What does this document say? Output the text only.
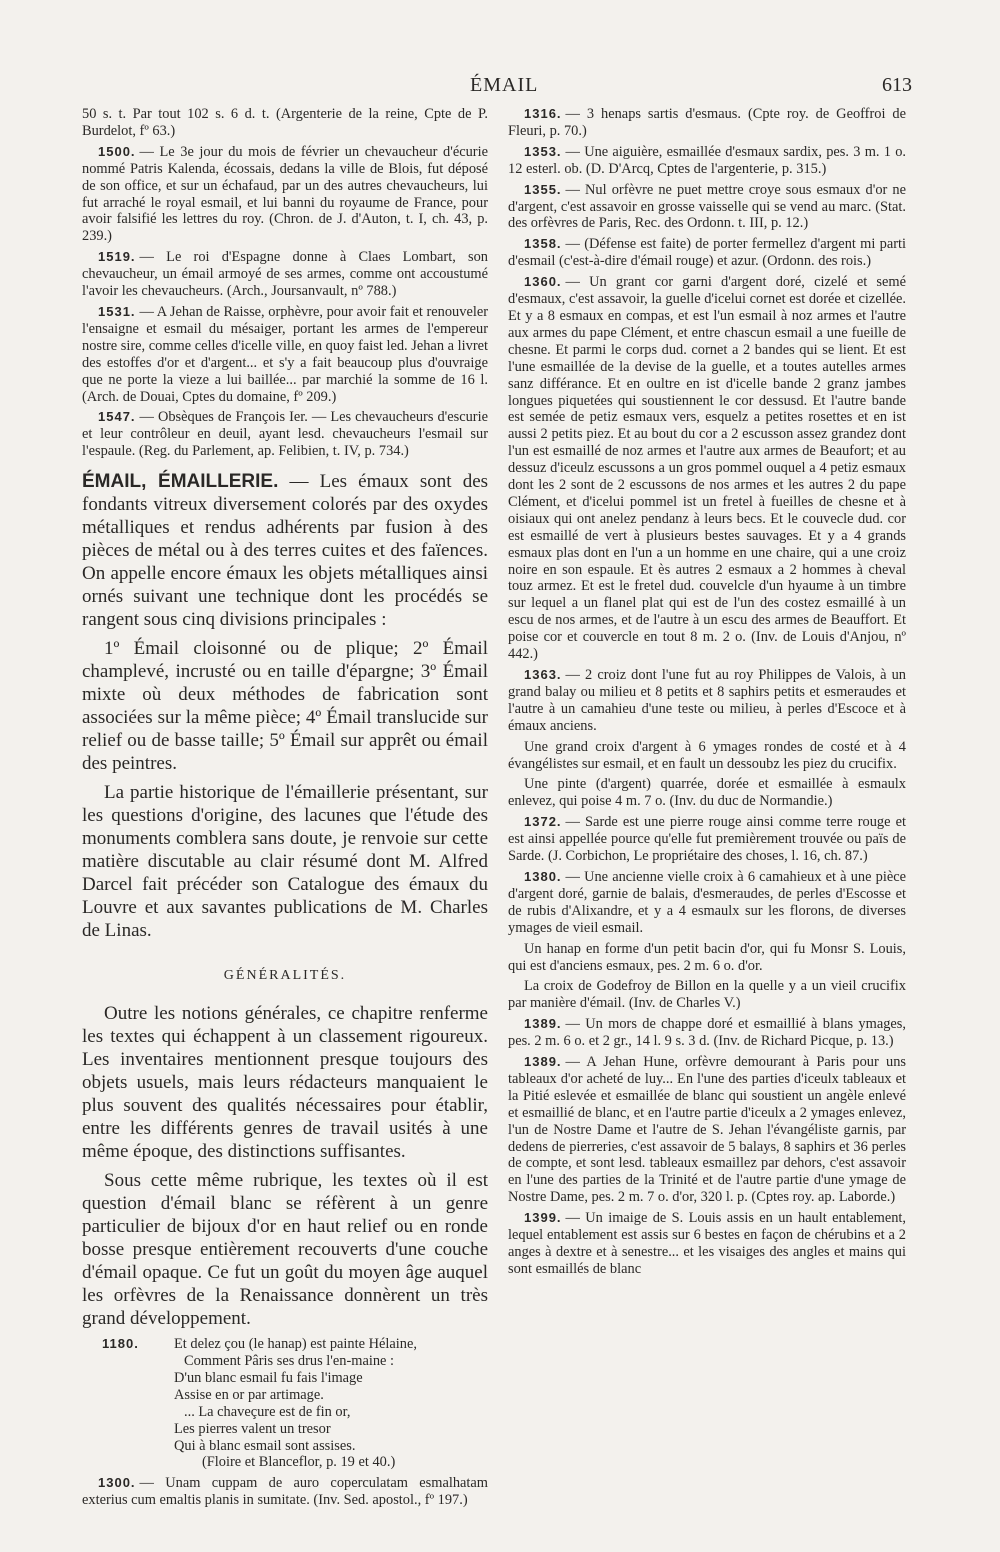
ÉMAIL	613

50 s. t. Par tout 102 s. 6 d. t. (Argenterie de la reine, Cpte de P. Burdelot, fº 63.)

1500. — Le 3e jour du mois de février un chevaucheur d'écurie nommé Patris Kalenda, écossais, dedans la ville de Blois, fut déposé de son office, et sur un échafaud, par un des autres chevaucheurs, lui fut arraché le royal esmail, et lui banni du royaume de France, pour avoir falsifié les lettres du roy. (Chron. de J. d'Auton, t. I, ch. 43, p. 239.)

1519. — Le roi d'Espagne donne à Claes Lombart, son chevaucheur, un émail armoyé de ses armes, comme ont accoustumé l'avoir les chevaucheurs. (Arch., Joursanvault, nº 788.)

1531. — A Jehan de Raisse, orphèvre, pour avoir fait et renouveler l'ensaigne et esmail du mésaiger, portant les armes de l'empereur nostre sire, comme celles d'icelle ville, en quoy faist led. Jehan a livret des estoffes d'or et d'argent... et s'y a fait beaucoup plus d'ouvraige que ne porte la vieze a lui baillée... par marchié la somme de 16 l. (Arch. de Douai, Cptes du domaine, fº 209.)

1547. — Obsèques de François Ier. — Les chevaucheurs d'escurie et leur contrôleur en deuil, ayant lesd. chevaucheurs l'esmail sur l'espaule. (Reg. du Parlement, ap. Felibien, t. IV, p. 734.)

ÉMAIL, ÉMAILLERIE. — Les émaux sont des fondants vitreux diversement colorés par des oxydes métalliques et rendus adhérents par fusion à des pièces de métal ou à des terres cuites et des faïences. On appelle encore émaux les objets métalliques ainsi ornés suivant une technique dont les procédés se rangent sous cinq divisions principales :

1º Émail cloisonné ou de plique; 2º Émail champlevé, incrusté ou en taille d'épargne; 3º Émail mixte où deux méthodes de fabrication sont associées sur la même pièce; 4º Émail translucide sur relief ou de basse taille; 5º Émail sur apprêt ou émail des peintres.

La partie historique de l'émaillerie présentant, sur les questions d'origine, des lacunes que l'étude des monuments comblera sans doute, je renvoie sur cette matière discutable au clair résumé dont M. Alfred Darcel fait précéder son Catalogue des émaux du Louvre et aux savantes publications de M. Charles de Linas.

GÉNÉRALITÉS.

Outre les notions générales, ce chapitre renferme les textes qui échappent à un classement rigoureux. Les inventaires mentionnent presque toujours des objets usuels, mais leurs rédacteurs manquaient le plus souvent des qualités nécessaires pour établir, entre les différents genres de travail usités à une même époque, des distinctions suffisantes.

Sous cette même rubrique, les textes où il est question d'émail blanc se réfèrent à un genre particulier de bijoux d'or en haut relief ou en ronde bosse presque entièrement recouverts d'une couche d'émail opaque. Ce fut un goût du moyen âge auquel les orfèvres de la Renaissance donnèrent un très grand développement.

1180. Et delez çou (le hanap) est painte Hélaine,
Comment Pâris ses drus l'en-maine :
D'un blanc esmail fu fais l'image
Assise en or par artimage.
... La chaveçure est de fin or,
Les pierres valent un tresor
Qui à blanc esmail sont assises.
(Floire et Blanceflor, p. 19 et 40.)

1300. — Unam cuppam de auro coperculatam esmalhatam exterius cum emaltis planis in sumitate. (Inv. Sed. apostol., fº 197.)

1316. — 3 henaps sartis d'esmaus. (Cpte roy. de Geoffroi de Fleuri, p. 70.)

1353. — Une aiguière, esmaillée d'esmaux sardix, pes. 3 m. 1 o. 12 esterl. ob. (D. D'Arcq, Cptes de l'argenterie, p. 315.)

1355. — Nul orfèvre ne puet mettre croye sous esmaux d'or ne d'argent, c'est assavoir en grosse vaisselle qui se vend au marc. (Stat. des orfèvres de Paris, Rec. des Ordonn. t. III, p. 12.)

1358. — (Défense est faite) de porter fermellez d'argent mi parti d'esmail (c'est-à-dire d'émail rouge) et azur. (Ordonn. des rois.)

1360. — Un grant cor garni d'argent doré, cizelé et semé d'esmaux, c'est assavoir, la guelle d'icelui cornet est dorée et cizellée. Et y a 8 esmaux en compas, et est l'un esmail à noz armes et l'autre aux armes du pape Clément, et entre chascun esmail a une fueille de chesne. Et parmi le corps dud. cornet a 2 bandes qui se lient. Et est l'une esmaillée de la devise de la guelle, et a toutes autelles armes sanz différance. Et en oultre en ist d'icelle bande 2 granz jambes longues piquetées qui soustiennent le cor dessusd. Et l'autre bande est semée de petiz esmaux vers, esquelz a petites rosettes et en ist aussi 2 petits piez. Et au bout du cor a 2 escusson assez grandez dont l'un est esmaillé de noz armes et l'autre aux armes de Beaufort; et au dessuz d'iceulz escussons a un gros pommel ouquel a 4 petiz esmaux dont les 2 sont de 2 escussons de nos armes et les autres 2 du pape Clément, et d'icelui pommel ist un fretel à fueilles de chesne et à oisiaux qui ont anelez pendanz à leurs becs. Et le couvecle dud. cor est esmaillé de vert à plusieurs bestes sauvages. Et y a 4 grands esmaux plas dont en l'un a un homme en une chaire, qui a une croiz noire en son espaule. Et ès autres 2 esmaux a 2 hommes à cheval touz armez. Et est le fretel dud. couvelcle d'un hyaume à un timbre sur lequel a un flanel plat qui est de l'un des costez esmaillé à un escu de nos armes, et de l'autre à un escu des armes de Beauffort. Et poise cor et couvercle en tout 8 m. 2 o. (Inv. de Louis d'Anjou, nº 442.)

1363. — 2 croiz dont l'une fut au roy Philippes de Valois, à un grand balay ou milieu et 8 petits et 8 saphirs petits et esmeraudes et l'autre à un camahieu d'une teste ou milieu, à perles d'Escoce et à émaux anciens.

Une grand croix d'argent à 6 ymages rondes de costé et à 4 évangélistes sur esmail, et en fault un dessoubz les piez du crucifix.

Une pinte (d'argent) quarrée, dorée et esmaillée à esmaulx enlevez, qui poise 4 m. 7 o. (Inv. du duc de Normandie.)

1372. — Sarde est une pierre rouge ainsi comme terre rouge et est ainsi appellée pource qu'elle fut premièrement trouvée ou païs de Sarde. (J. Corbichon, Le propriétaire des choses, l. 16, ch. 87.)

1380. — Une ancienne vielle croix à 6 camahieux et à une pièce d'argent doré, garnie de balais, d'esmeraudes, de perles d'Escosse et de rubis d'Alixandre, et y a 4 esmaulx sur les florons, de diverses ymages de vieil esmail.

Un hanap en forme d'un petit bacin d'or, qui fu Monsr S. Louis, qui est d'anciens esmaux, pes. 2 m. 6 o. d'or.

La croix de Godefroy de Billon en la quelle y a un vieil crucifix par manière d'émail. (Inv. de Charles V.)

1389. — Un mors de chappe doré et esmaillié à blans ymages, pes. 2 m. 6 o. et 2 gr., 14 l. 9 s. 3 d. (Inv. de Richard Picque, p. 13.)

1389. — A Jehan Hune, orfèvre demourant à Paris pour uns tableaux d'or acheté de luy... En l'une des parties d'iceulx tableaux et la Pitié eslevée et esmaillée de blanc qui soustient un angèle enlevé et esmaillié de blanc, et en l'autre partie d'iceulx a 2 ymages enlevez, l'un de Nostre Dame et l'autre de S. Jehan l'évangéliste garnis, par dedens de pierreries, c'est assavoir de 5 balays, 8 saphirs et 36 perles de compte, et sont lesd. tableaux esmaillez par dehors, c'est assavoir en l'une des parties de la Trinité et de l'autre partie d'une ymage de Nostre Dame, pes. 2 m. 7 o. d'or, 320 l. p. (Cptes roy. ap. Laborde.)

1399. — Un imaige de S. Louis assis en un hault entablement, lequel entablement est assis sur 6 bestes en façon de chérubins et a 2 anges à dextre et à senestre... et les visaiges des angles et mains qui sont esmaillés de blanc
